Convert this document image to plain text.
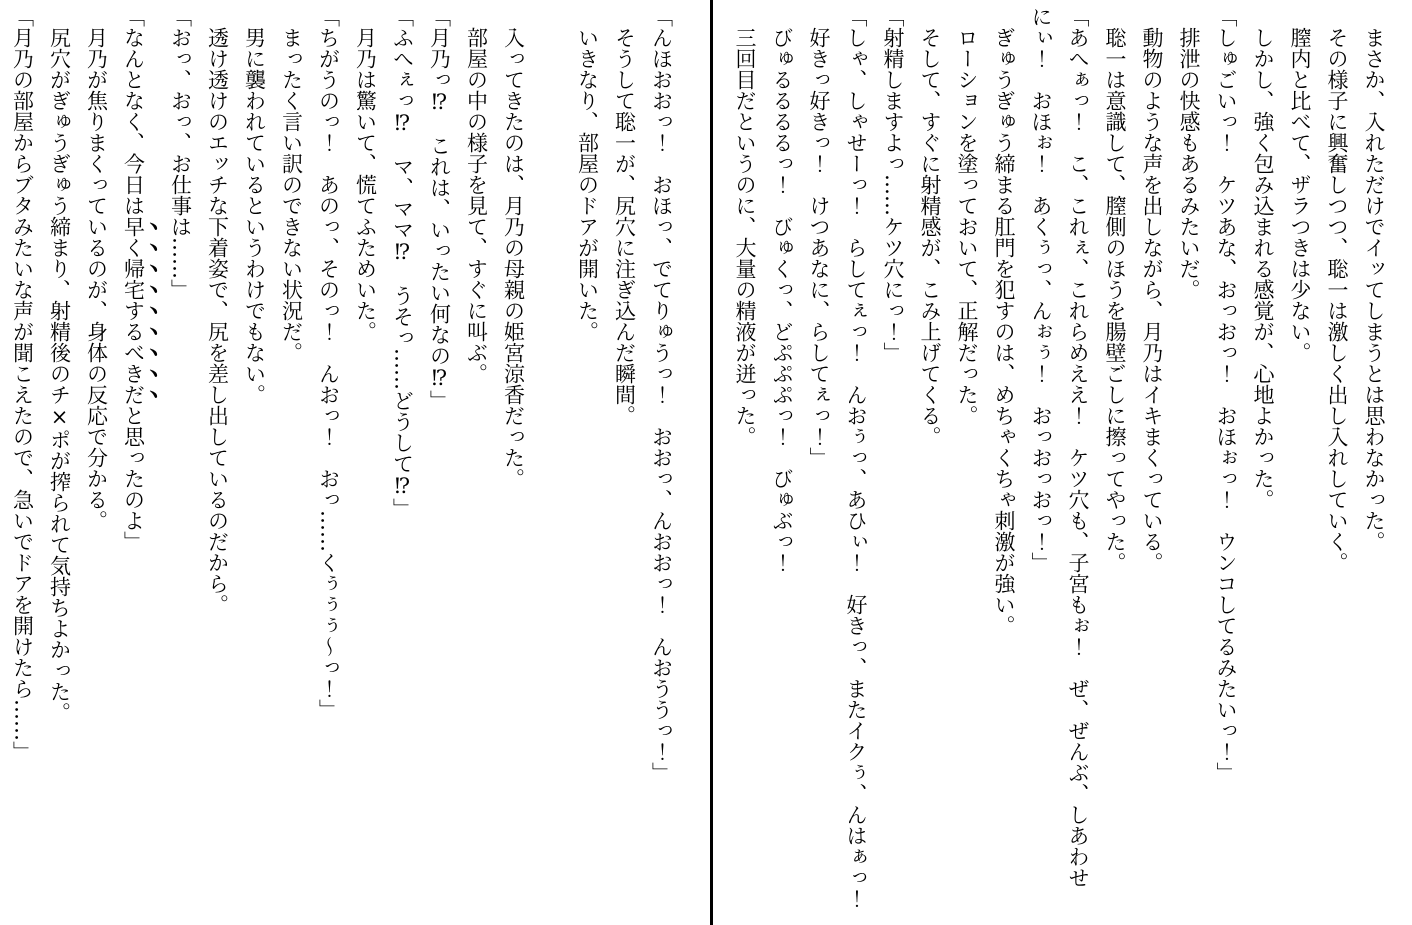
「んほおおっ！　おほっ、でてりゅうっ！　おおっ、んおおっ！　んおううっ！」

そうして聡一が、尻穴に注ぎ込んだ瞬間。

いきなり、部屋のドアが開いた。

入ってきたのは、月乃の母親の姫宮涼香だった。

部屋の中の様子を見て、すぐに叫ぶ。

「月乃っ⁉　これは、いったい何なの⁉」

「ふへぇっ⁉　マ、ママ⁉　うそっ……どうして⁉」

月乃は驚いて、慌てふためいた。

「ちがうのっ！　あのっ、そのっ！　んおっ！　おっ……くぅぅぅ〜っ！」

まったく言い訳のできない状況だ。

男に襲われているというわけでもない。

透け透けのエッチな下着姿で、尻を差し出しているのだから。

「おっ、おっ、お仕事は……」

「なんとなく、今日は早く帰宅するべきだと思ったのよ」

月乃が焦りまくっているのが、身体の反応で分かる。

尻穴がぎゅうぎゅう締まり、射精後のチ×ポが搾られて気持ちよかった。

「月乃の部屋からブタみたいな声が聞こえたので、急いでドアを開けたら……」	まさか、入れただけでイッてしまうとは思わなかった。

その様子に興奮しつつ、聡一は激しく出し入れしていく。

膣内と比べて、ザラつきは少ない。

しかし、強く包み込まれる感覚が、心地よかった。

「しゅごいっ！　ケツあな、おっおっ！　おほぉっ！　ウンコしてるみたいっ！」

排泄の快感もあるみたいだ。

動物のような声を出しながら、月乃はイキまくっている。

聡一は意識して、膣側のほうを腸壁ごしに擦ってやった。

「あへぁっ！　こ、これぇ、これらめええ！　ケツ穴も、子宮もぉ！　ぜ、ぜんぶ、しあわせ

にぃ！　おほぉ！　あくぅっ、んぉぅ！　おっおっおっ！」

ぎゅうぎゅう締まる肛門を犯すのは、めちゃくちゃ刺激が強い。

ローションを塗っておいて、正解だった。

そして、すぐに射精感が、こみ上げてくる。

「射精しますよっ……ケツ穴にっ！」

「しゃ、しゃせーっ！　らしてぇっ！　んおぅっ、あひぃ！　好きっ、またイクぅ、んはぁっ！

好きっ好きっ！　けつあなに、らしてぇっ！」

びゅるるるるっ！　びゅくっ、どぷぷぷっ！　びゅぶっ！

三回目だというのに、大量の精液が迸った。
